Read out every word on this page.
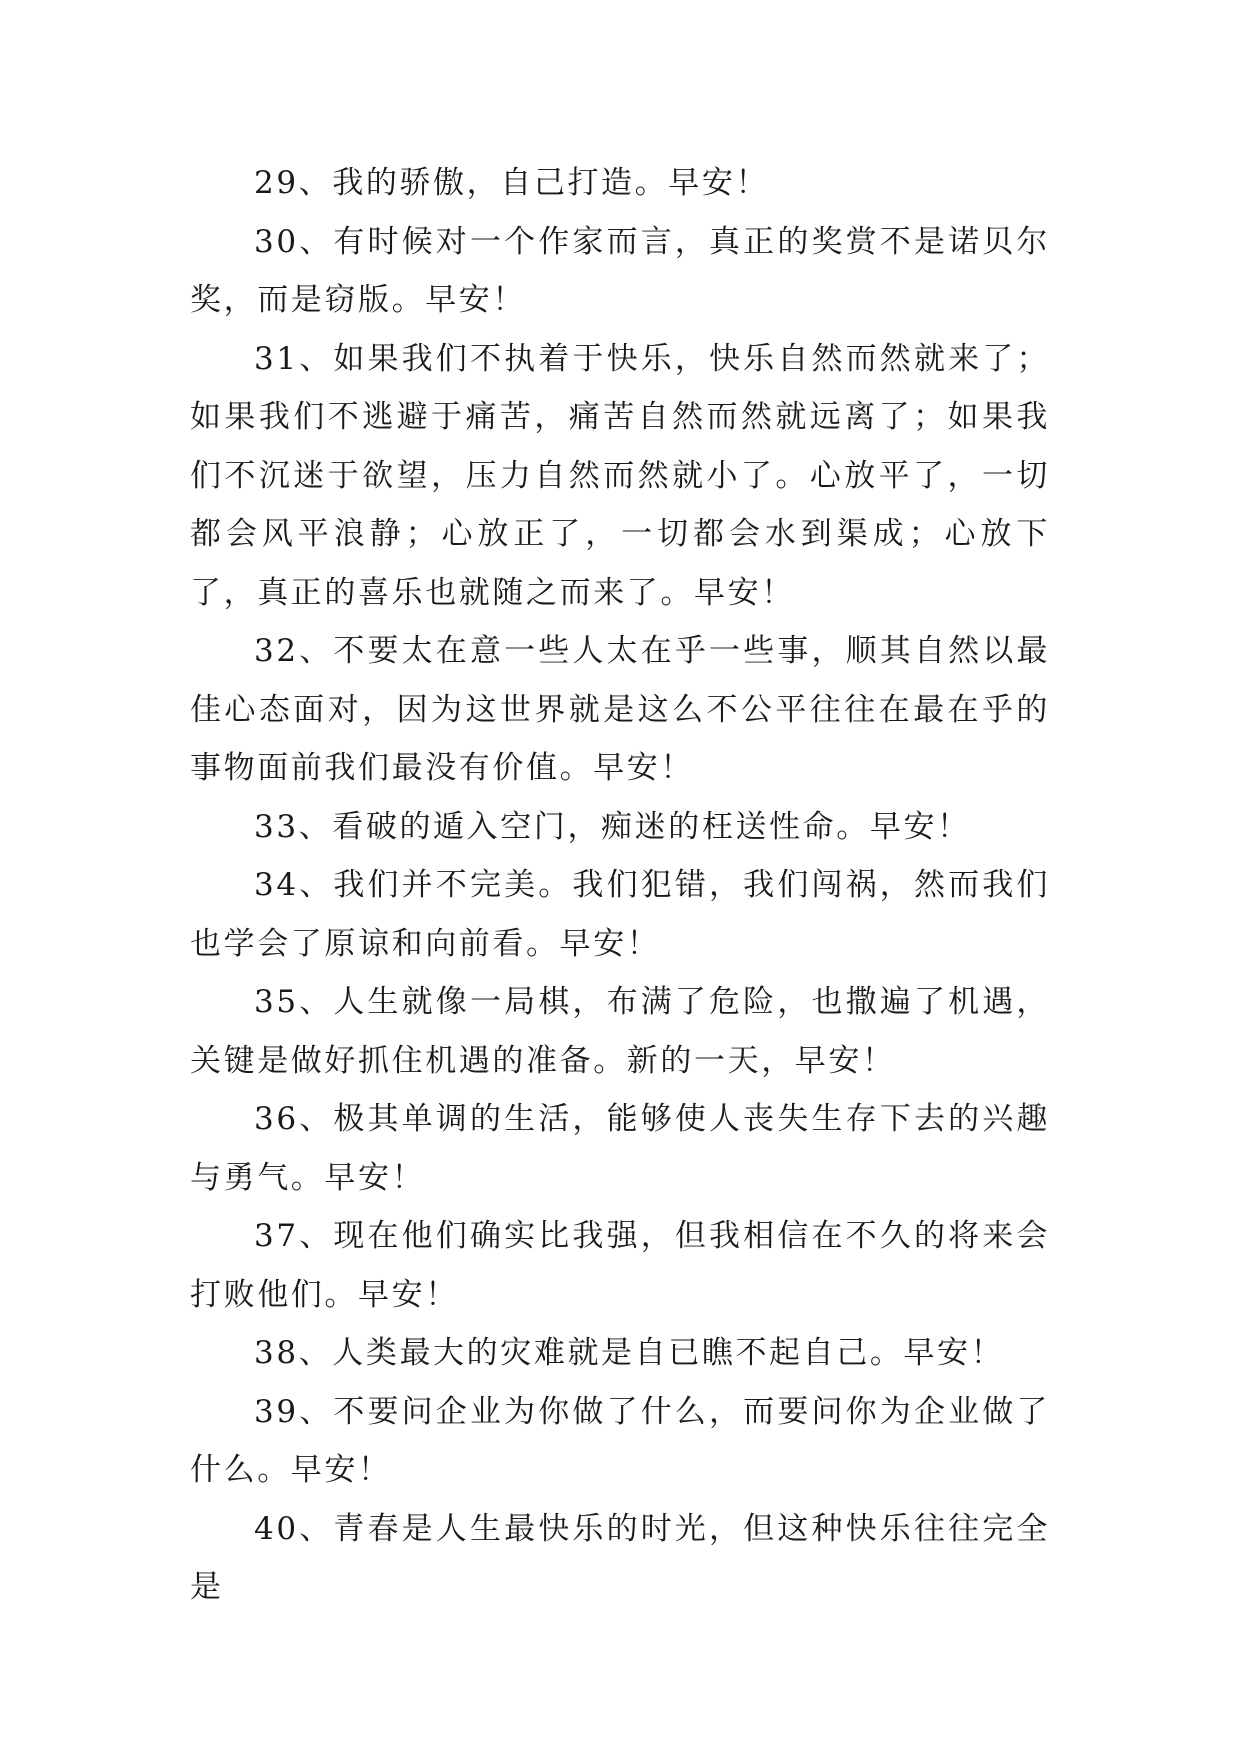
29、我的骄傲，自己打造。早安！

30、有时候对一个作家而言，真正的奖赏不是诺贝尔奖，而是窃版。早安！

31、如果我们不执着于快乐，快乐自然而然就来了；如果我们不逃避于痛苦，痛苦自然而然就远离了；如果我们不沉迷于欲望，压力自然而然就小了。心放平了，一切都会风平浪静；心放正了，一切都会水到渠成；心放下了，真正的喜乐也就随之而来了。早安！

32、不要太在意一些人太在乎一些事，顺其自然以最佳心态面对，因为这世界就是这么不公平往往在最在乎的事物面前我们最没有价值。早安！

33、看破的遁入空门，痴迷的枉送性命。早安！

34、我们并不完美。我们犯错，我们闯祸，然而我们也学会了原谅和向前看。早安！

35、人生就像一局棋，布满了危险，也撒遍了机遇，关键是做好抓住机遇的准备。新的一天，早安！

36、极其单调的生活，能够使人丧失生存下去的兴趣与勇气。早安！

37、现在他们确实比我强，但我相信在不久的将来会打败他们。早安！

38、人类最大的灾难就是自已瞧不起自己。早安！

39、不要问企业为你做了什么，而要问你为企业做了什么。早安！

40、青春是人生最快乐的时光，但这种快乐往往完全是
